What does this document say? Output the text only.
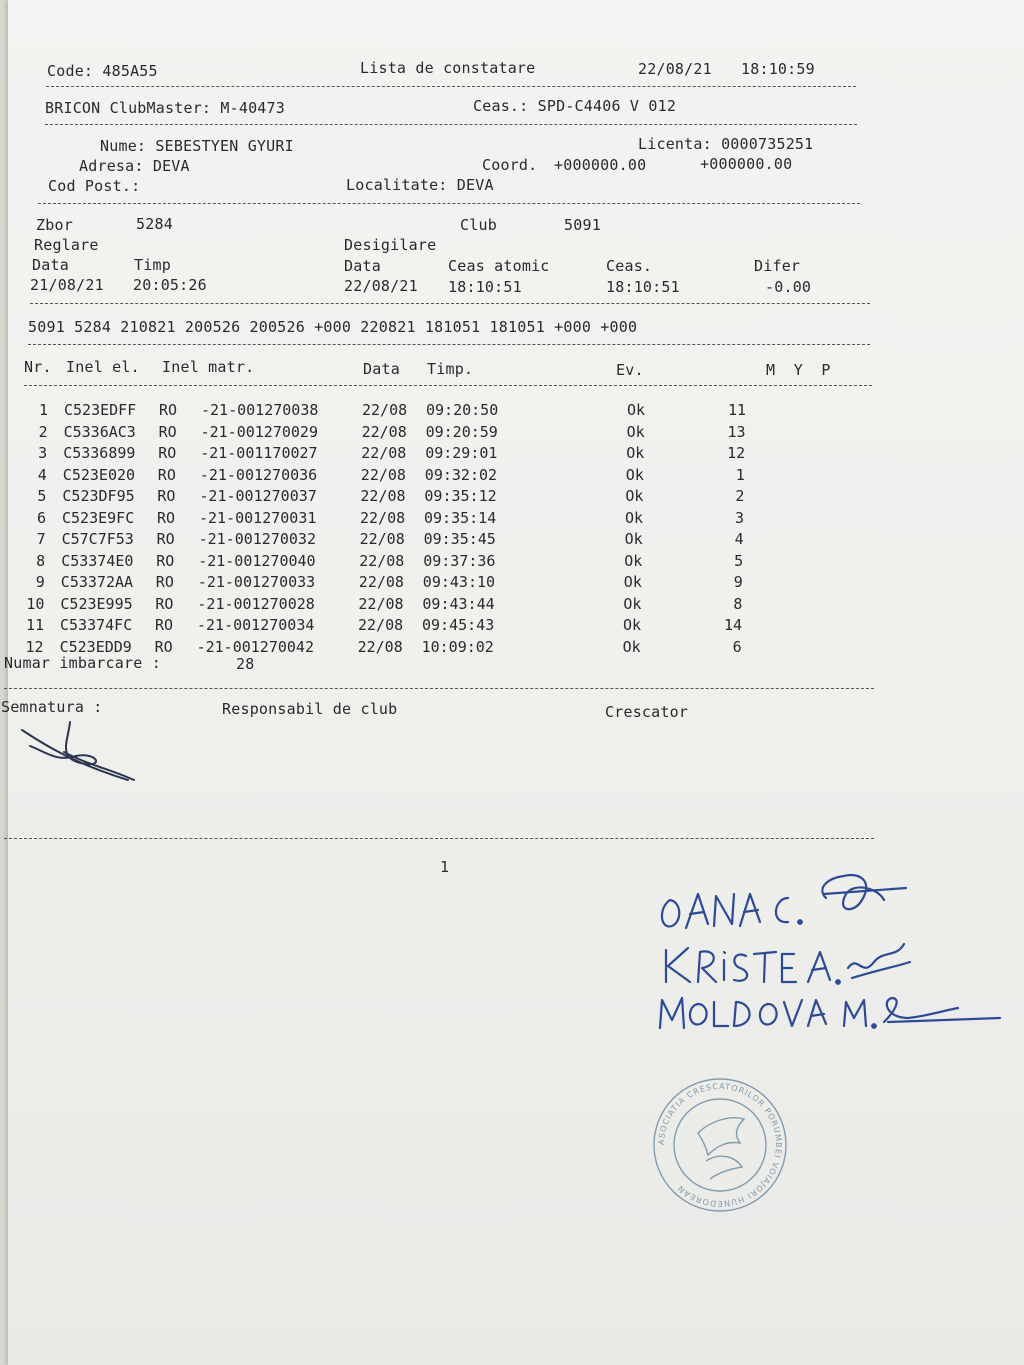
Code: 485A55	Lista de constatare	22/08/21 18:10:59
BRICON ClubMaster: M-40473	Ceas.: SPD-C4406 V 012
Nume: SEBESTYEN GYURI	Licenta: 0000735251
Adresa: DEVA	Coord. +000000.00	+000000.00
Cod Post.:	Localitate: DEVA
Zbor	5284	Club	5091
Reglare	Desigilare
Data	Timp	Data	Ceas atomic	Ceas.	Difer
21/08/21 20:05:26	22/08/21 18:10:51	18:10:51	-0.00
5091 5284 210821 200526 200526 +000 220821 181051 181051 +000 +000
Nr. Inel el. Inel matr.	Data Timp.	Ev.	M  Y  P
1 C523EDFF RO -21-001270038	22/08 09:20:50	Ok	11
2 C5336AC3 RO -21-001270029	22/08 09:20:59	Ok	13
3 C5336899 RO -21-001170027	22/08 09:29:01	Ok	12
4 C523E020 RO -21-001270036	22/08 09:32:02	Ok	1
5 C523DF95 RO -21-001270037	22/08 09:35:12	Ok	2
6 C523E9FC RO -21-001270031	22/08 09:35:14	Ok	3
7 C57C7F53 RO -21-001270032	22/08 09:35:45	Ok	4
8 C53374E0 RO -21-001270040	22/08 09:37:36	Ok	5
9 C53372AA RO -21-001270033	22/08 09:43:10	Ok	9
10 C523E995 RO -21-001270028	22/08 09:43:44	Ok	8
11 C53374FC RO -21-001270034	22/08 09:45:43	Ok	14
12 C523EDD9 RO -21-001270042	22/08 10:09:02	Ok	6
Numar imbarcare :	28
Semnatura :	Responsabil de club	Crescator
1
ASOCIATIA CRESCATORILOR PORUMBEI VOIAJORI HUNEDOREAN
